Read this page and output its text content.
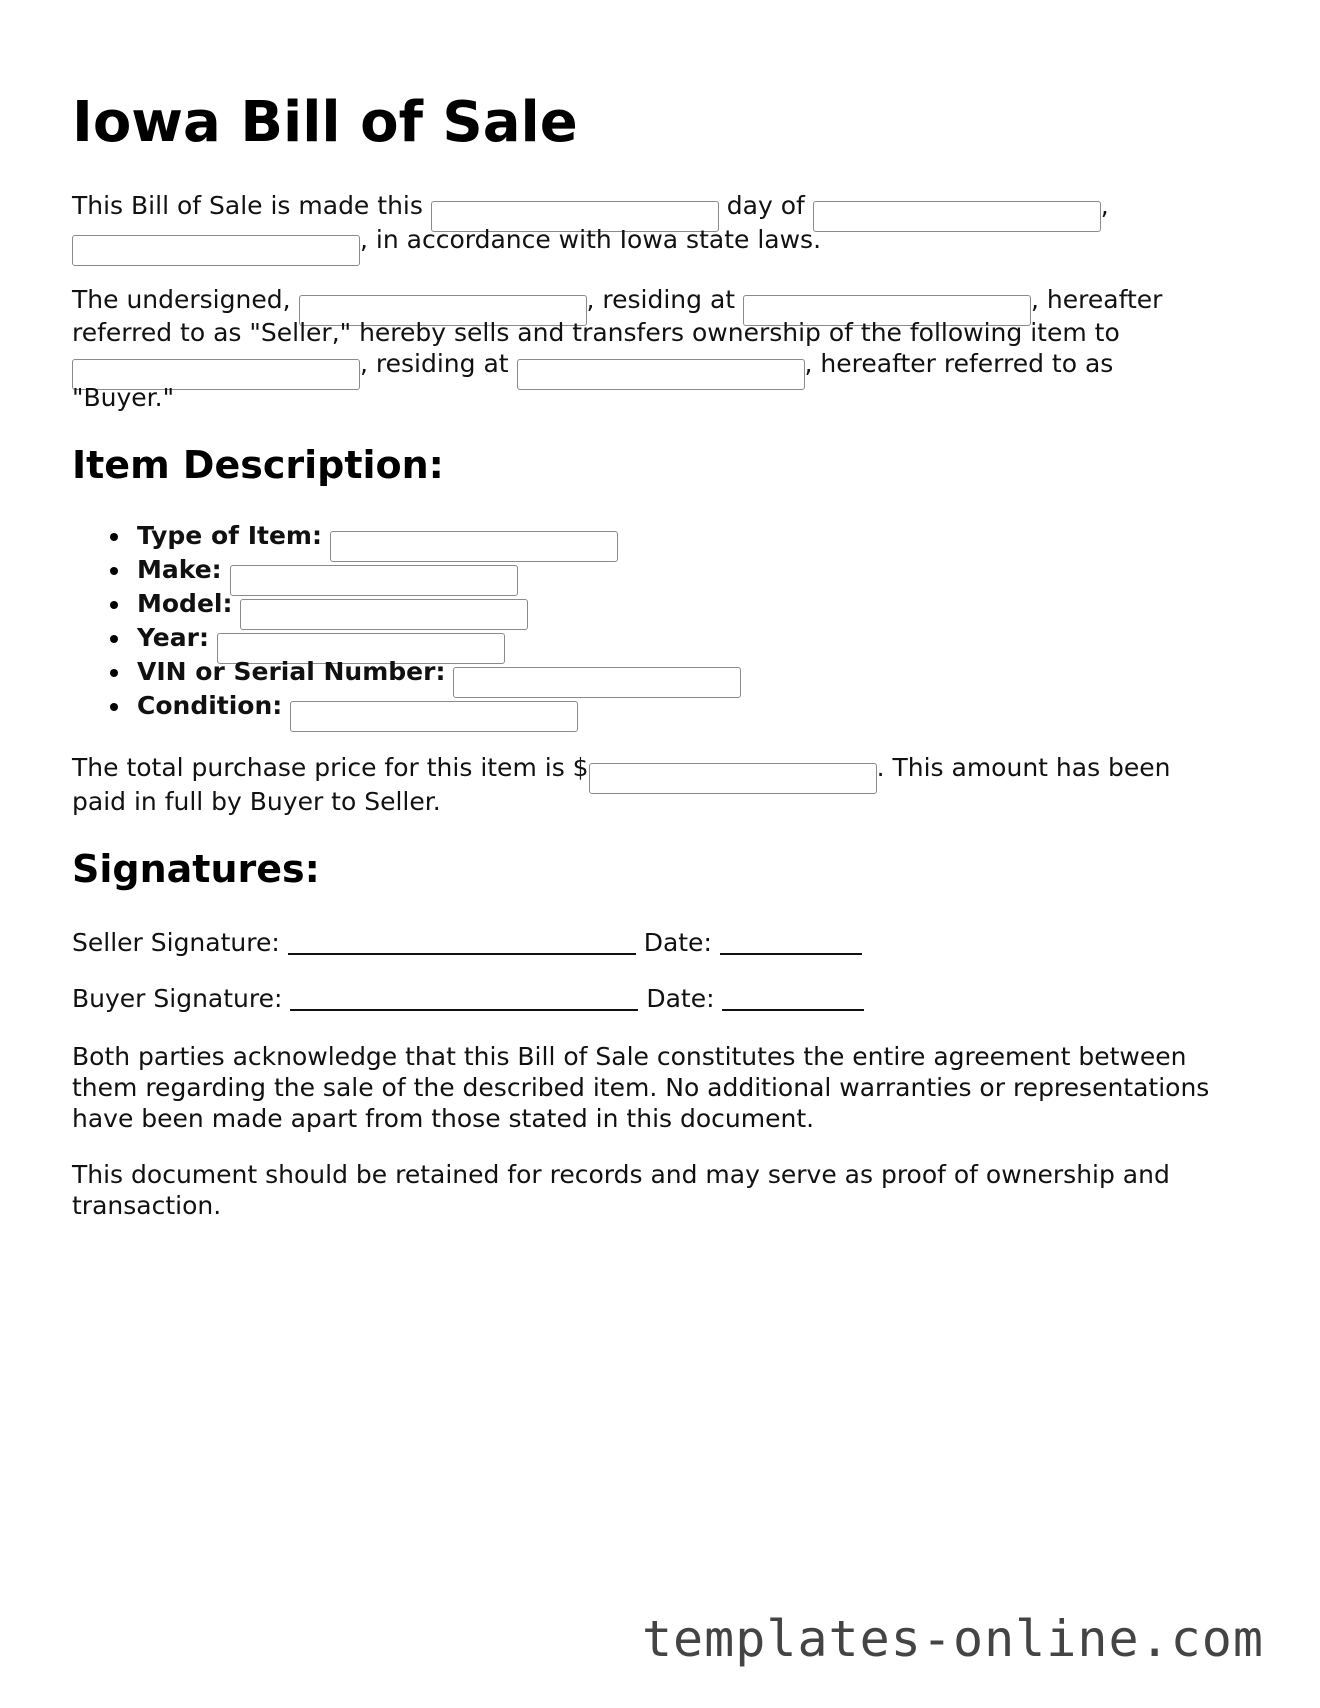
Iowa Bill of Sale
This Bill of Sale is made this	day of	,
, in accordance with Iowa state laws.
The undersigned,	, residing at	, hereafter
referred to as "Seller," hereby sells and transfers ownership of the following item to
, residing at	, hereafter referred to as
"Buyer."
Item Description:
Type of Item:
Make:
Model:
Year:
VIN or Serial Number:
Condition:
The total purchase price for this item is $	. This amount has been
paid in full by Buyer to Seller.
Signatures:
Seller Signature:	Date:
Buyer Signature:	Date:

Both parties acknowledge that this Bill of Sale constitutes the entire agreement between them regarding the sale of the described item. No additional warranties or representations have been made apart from those stated in this document.

This document should be retained for records and may serve as proof of ownership and transaction.

templates-online.com
